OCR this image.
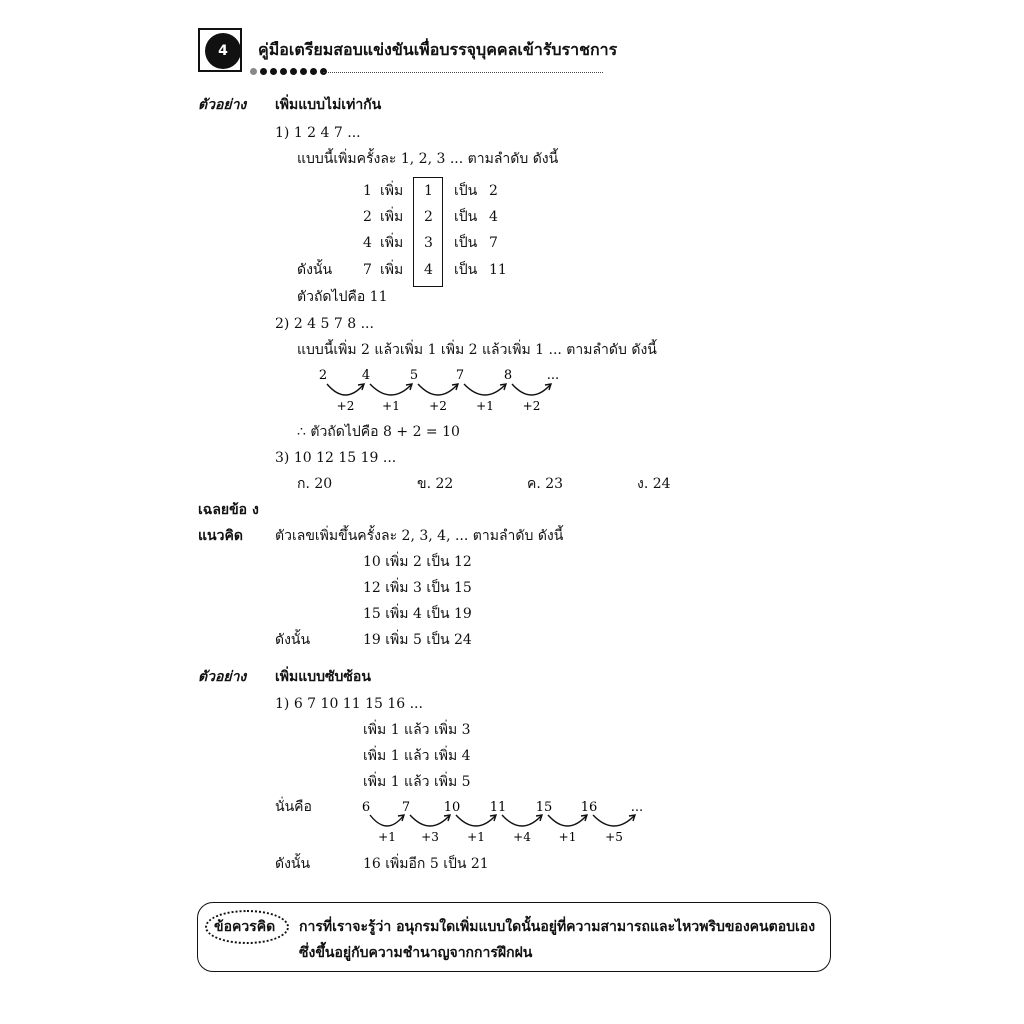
4	คู่มือเตรียมสอบแข่งขันเพื่อบรรจุบุคคลเข้ารับราชการ
ตัวอย่าง เพิ่มแบบไม่เท่ากัน
1) 1 2 4 7 ...
แบบนี้เพิ่มครั้งละ 1, 2, 3 ... ตามลำดับ ดังนี้
1 เพิ่ม 1 เป็น 2
2 เพิ่ม 2 เป็น 4
4 เพิ่ม 3 เป็น 7
ดังนั้น 7 เพิ่ม 4 เป็น 11
ตัวถัดไปคือ 11
2) 2 4 5 7 8 ...
แบบนี้เพิ่ม 2 แล้วเพิ่ม 1 เพิ่ม 2 แล้วเพิ่ม 1 ... ตามลำดับ ดังนี้
2	4	5	7	8	...
+2 +1 +2 +1 +2
6 7	10 11 15 16	...
+1 +3 +1 +4 +1 +5
∴ ตัวถัดไปคือ 8 + 2 = 10
3) 10 12 15 19 ...
ก. 20	ข. 22	ค. 23	ง. 24
เฉลยข้อ ง
แนวคิด ตัวเลขเพิ่มขึ้นครั้งละ 2, 3, 4, ... ตามลำดับ ดังนี้
10 เพิ่ม 2 เป็น 12
12 เพิ่ม 3 เป็น 15
15 เพิ่ม 4 เป็น 19
ดังนั้น	19 เพิ่ม 5 เป็น 24
ตัวอย่าง เพิ่มแบบซับซ้อน
1) 6 7 10 11 15 16 ...
เพิ่ม 1 แล้ว เพิ่ม 3
เพิ่ม 1 แล้ว เพิ่ม 4
เพิ่ม 1 แล้ว เพิ่ม 5
นั่นคือ
ดังนั้น	16 เพิ่มอีก 5 เป็น 21
ข้อควรคิด การที่เราจะรู้ว่า อนุกรมใดเพิ่มแบบใดนั้นอยู่ที่ความสามารถและไหวพริบของคนตอบเอง
ซึ่งขึ้นอยู่กับความชำนาญจากการฝึกฝน
